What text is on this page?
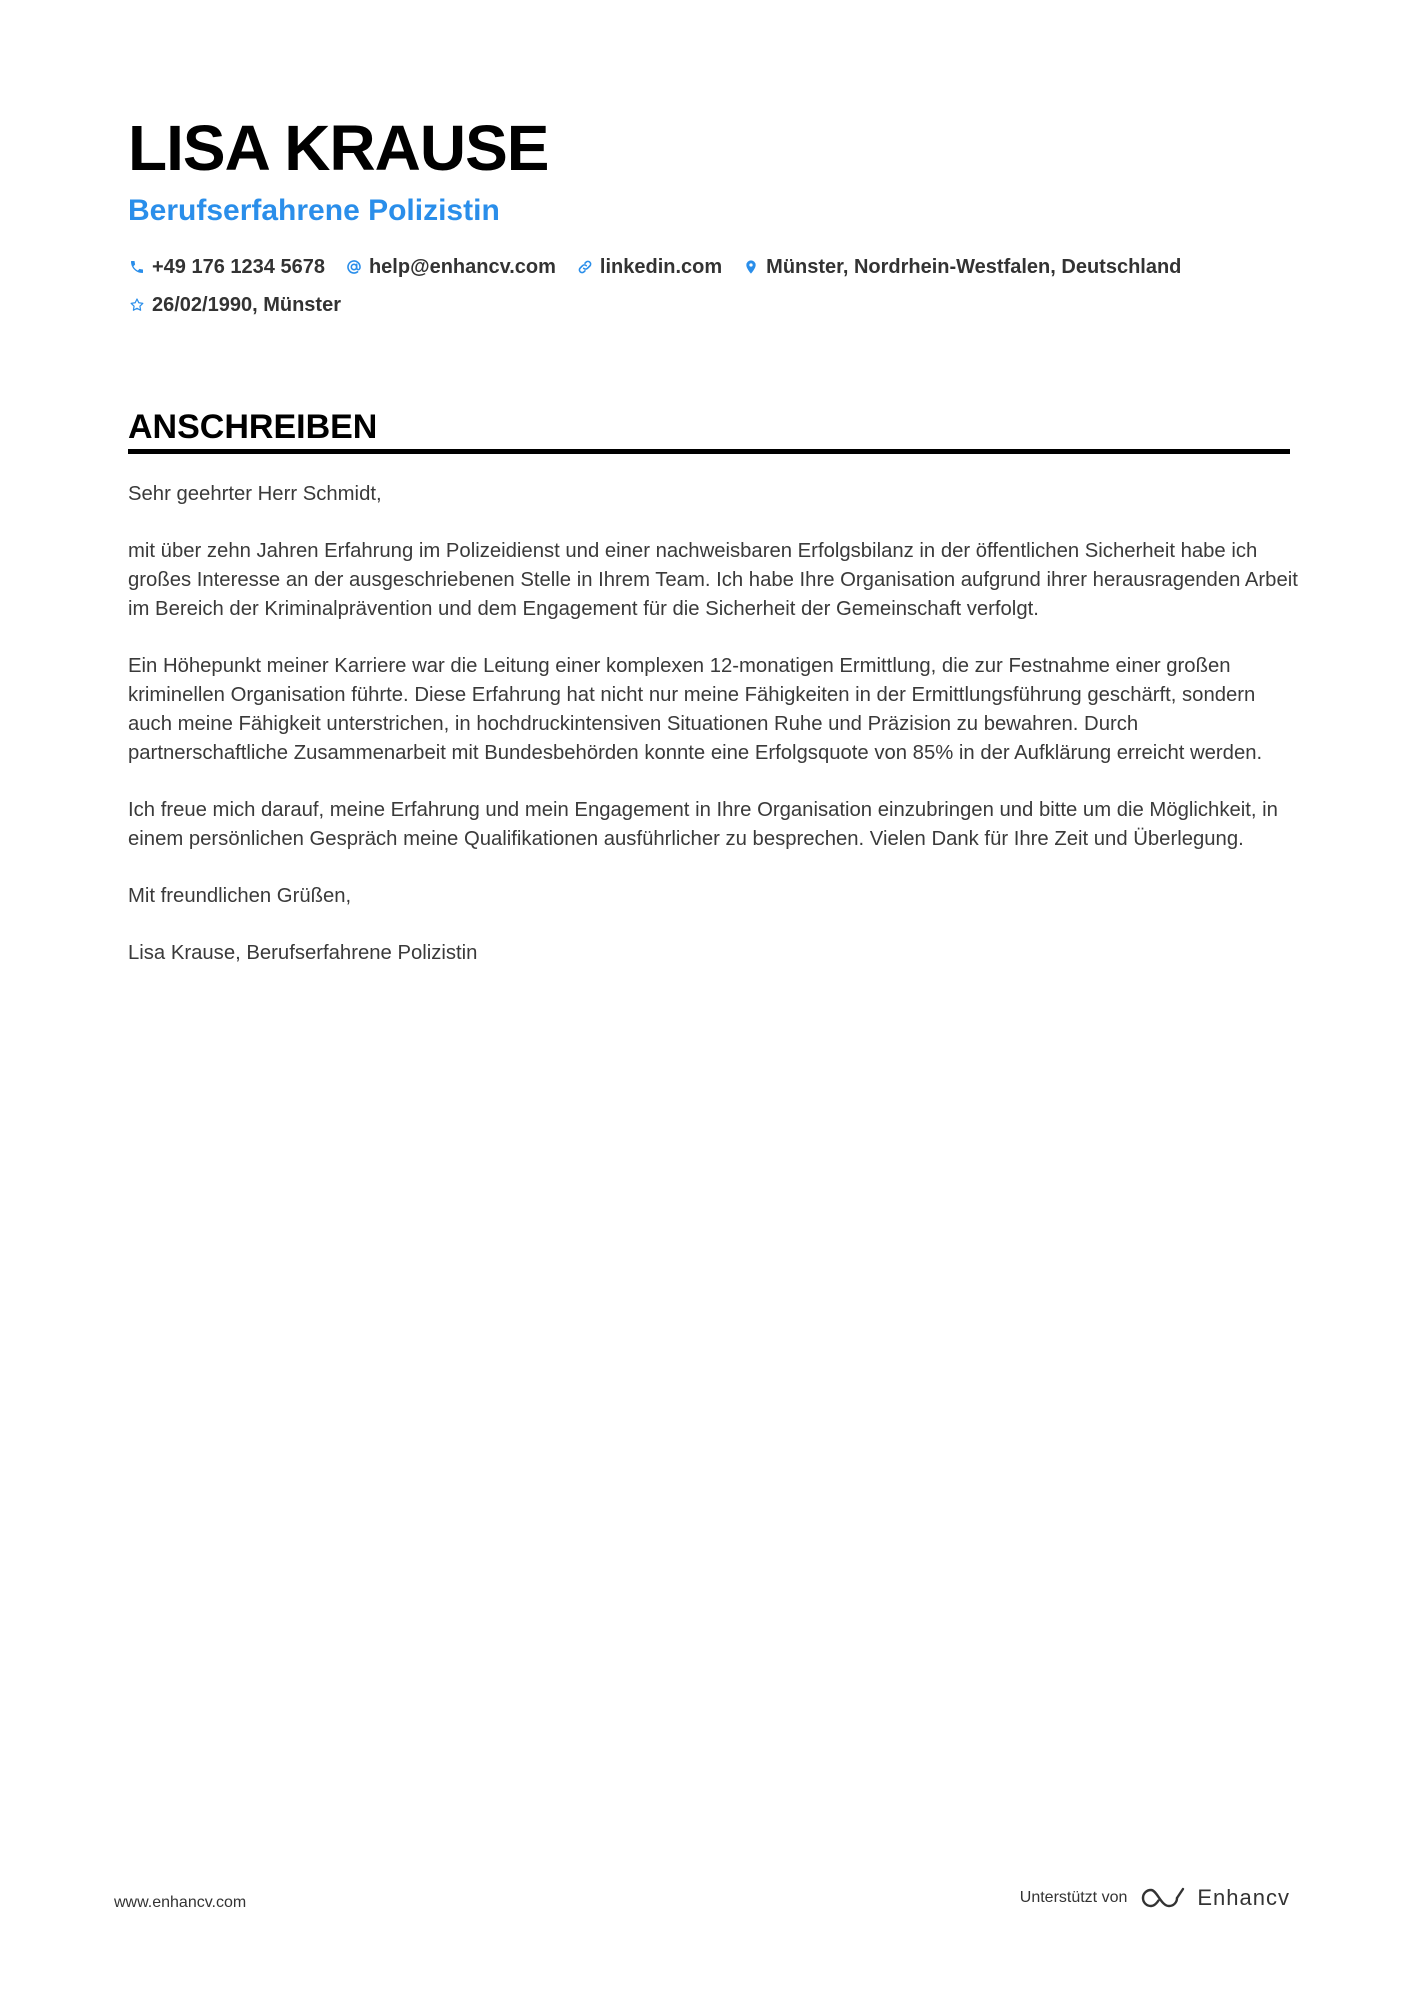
LISA KRAUSE
Berufserfahrene Polizistin
+49 176 1234 5678 help@enhancv.com linkedin.com Münster, Nordrhein-Westfalen, Deutschland
26/02/1990, Münster
ANSCHREIBEN

Sehr geehrter Herr Schmidt,

mit über zehn Jahren Erfahrung im Polizeidienst und einer nachweisbaren Erfolgsbilanz in der öffentlichen Sicherheit habe ich großes Interesse an der ausgeschriebenen Stelle in Ihrem Team. Ich habe Ihre Organisation aufgrund ihrer herausragenden Arbeit im Bereich der Kriminalprävention und dem Engagement für die Sicherheit der Gemeinschaft verfolgt.

Ein Höhepunkt meiner Karriere war die Leitung einer komplexen 12-monatigen Ermittlung, die zur Festnahme einer großen kriminellen Organisation führte. Diese Erfahrung hat nicht nur meine Fähigkeiten in der Ermittlungsführung geschärft, sondern auch meine Fähigkeit unterstrichen, in hochdruckintensiven Situationen Ruhe und Präzision zu bewahren. Durch partnerschaftliche Zusammenarbeit mit Bundesbehörden konnte eine Erfolgsquote von 85% in der Aufklärung erreicht werden.

Ich freue mich darauf, meine Erfahrung und mein Engagement in Ihre Organisation einzubringen und bitte um die Möglichkeit, in einem persönlichen Gespräch meine Qualifikationen ausführlicher zu besprechen. Vielen Dank für Ihre Zeit und Überlegung.

Mit freundlichen Grüßen,

Lisa Krause, Berufserfahrene Polizistin

www.enhancv.com	Unterstützt von	Enhancv
